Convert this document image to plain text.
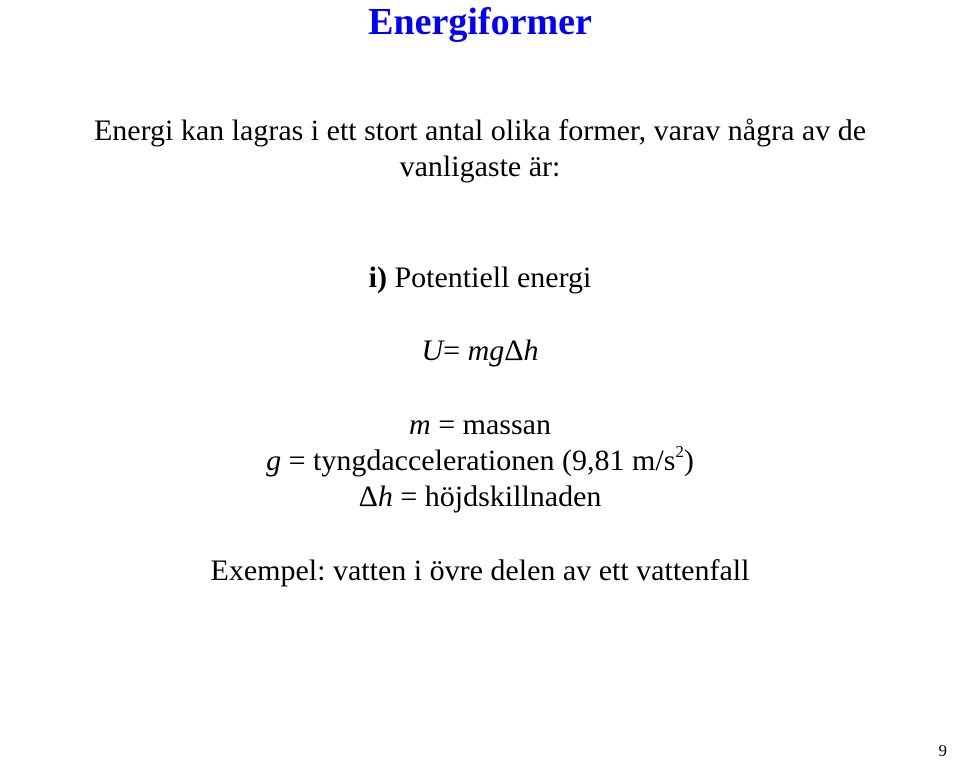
Energiformer
Energi kan lagras i ett stort antal olika former, varav några av de
vanligaste är:
i) Potentiell energi
U= mgΔh
m = massan
g = tyngdaccelerationen (9,81 $m/s^2$)
Δh = höjdskillnaden
Exempel: vatten i övre delen av ett vattenfall
9
